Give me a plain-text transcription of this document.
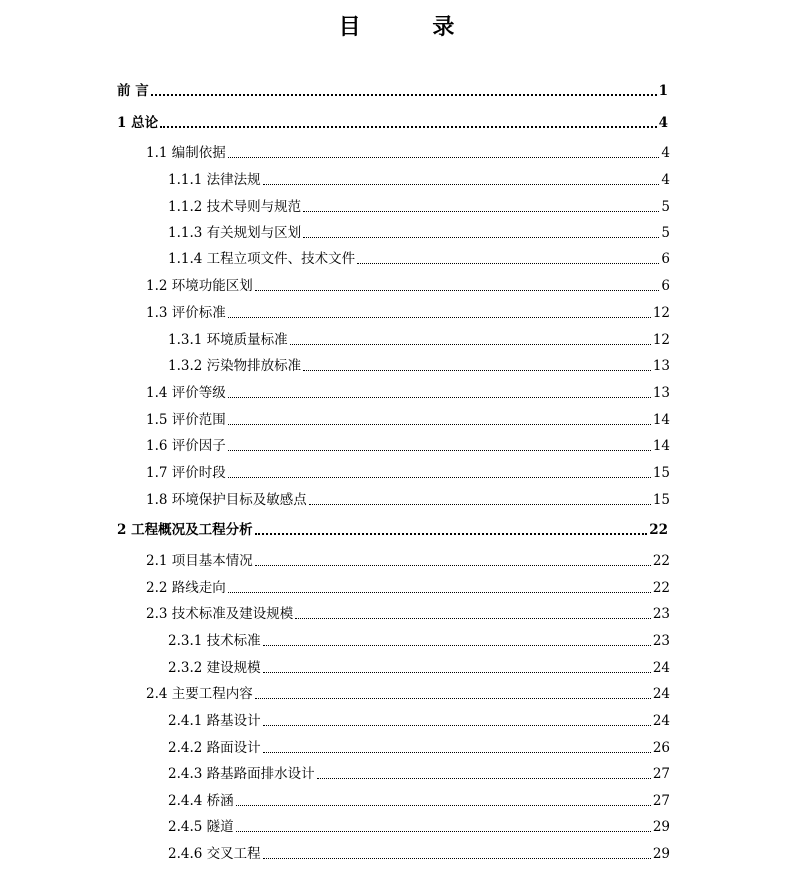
目 录
前 言	1
1 总论	4
1.1 编制依据	4
1.1.1 法律法规	4
1.1.2 技术导则与规范	5
1.1.3 有关规划与区划	5
1.1.4 工程立项文件、技术文件	6
1.2 环境功能区划	6
1.3 评价标准	12
1.3.1 环境质量标准	12
1.3.2 污染物排放标准	13
1.4 评价等级	13
1.5 评价范围	14
1.6 评价因子	14
1.7 评价时段	15
1.8 环境保护目标及敏感点	15
2 工程概况及工程分析	22
2.1 项目基本情况	22
2.2 路线走向	22
2.3 技术标准及建设规模	23
2.3.1 技术标准	23
2.3.2 建设规模	24
2.4 主要工程内容	24
2.4.1 路基设计	24
2.4.2 路面设计	26
2.4.3 路基路面排水设计	27
2.4.4 桥涵	27
2.4.5 隧道	29
2.4.6 交叉工程	29
